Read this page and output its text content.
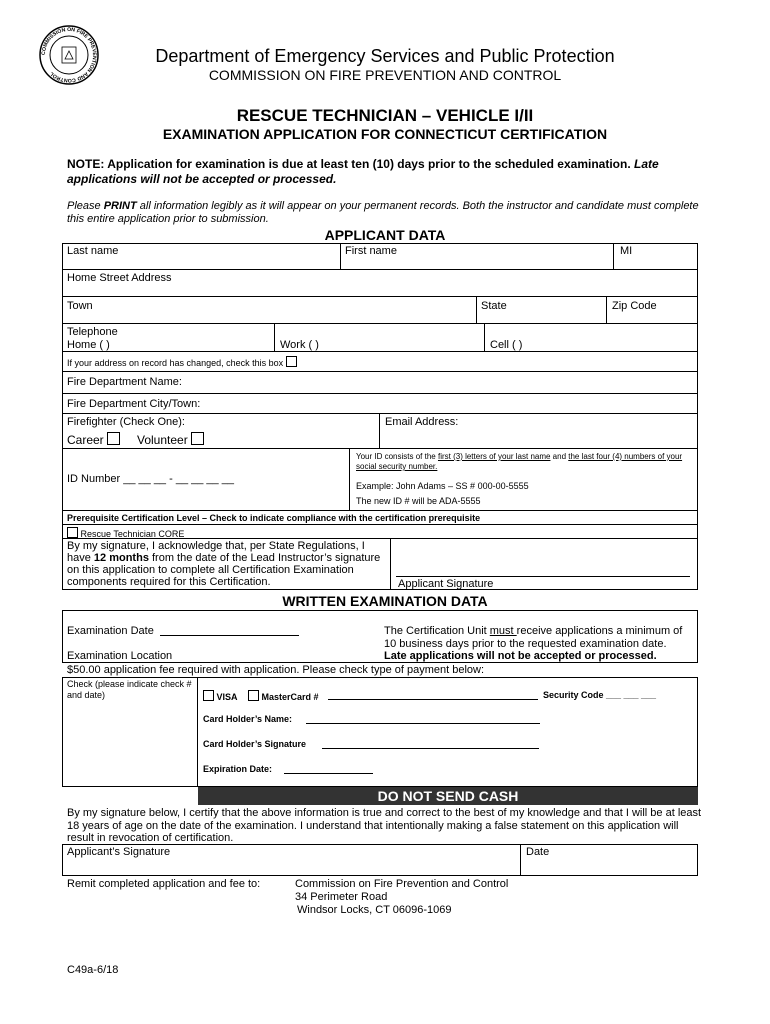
COMMISSION ON FIRE PREVENTION AND CONTROL
Department of Emergency Services and Public Protection
COMMISSION ON FIRE PREVENTION AND CONTROL
RESCUE TECHNICIAN – VEHICLE I/II
EXAMINATION APPLICATION FOR CONNECTICUT CERTIFICATION
NOTE: Application for examination is due at least ten (10) days prior to the scheduled examination. Late applications will not be accepted or processed.
Please PRINT all information legibly as it will appear on your permanent records. Both the instructor and candidate must complete this entire application prior to submission.
APPLICANT DATA
Last name	First name	MI
Home Street Address
Town	State	Zip Code
Telephone
Home ( )	Work ( )	Cell ( )
If your address on record has changed, check this box
Fire Department Name:
Fire Department City/Town:
Firefighter (Check One):	Email Address:
Career	Volunteer
ID Number __ __ __ - __ __ __ __
Your ID consists of the first (3) letters of your last name and the last four (4) numbers of your social security number.
Example: John Adams – SS # 000-00-5555
The new ID # will be ADA-5555
Prerequisite Certification Level – Check to indicate compliance with the certification prerequisite
Rescue Technician CORE
By my signature, I acknowledge that, per State Regulations, I have 12 months from the date of the Lead Instructor’s signature on this application to complete all Certification Examination components required for this Certification.	Applicant Signature
WRITTEN EXAMINATION DATA
Examination Date
Examination Location
The Certification Unit must receive applications a minimum of 10 business days prior to the requested examination date.
Late applications will not be accepted or processed.
$50.00 application fee required with application. Please check type of payment below:
Check (please indicate check # and date)	VISA	MasterCard #	Security Code ___ ___ ___
Card Holder’s Name:
Card Holder’s Signature
Expiration Date:
DO NOT SEND CASH
By my signature below, I certify that the above information is true and correct to the best of my knowledge and that I will be at least 18 years of age on the date of the examination. I understand that intentionally making a false statement on this application will result in revocation of certification.
Applicant’s Signature	Date
Remit completed application and fee to:	Commission on Fire Prevention and Control
34 Perimeter Road
Windsor Locks, CT 06096-1069
C49a-6/18
